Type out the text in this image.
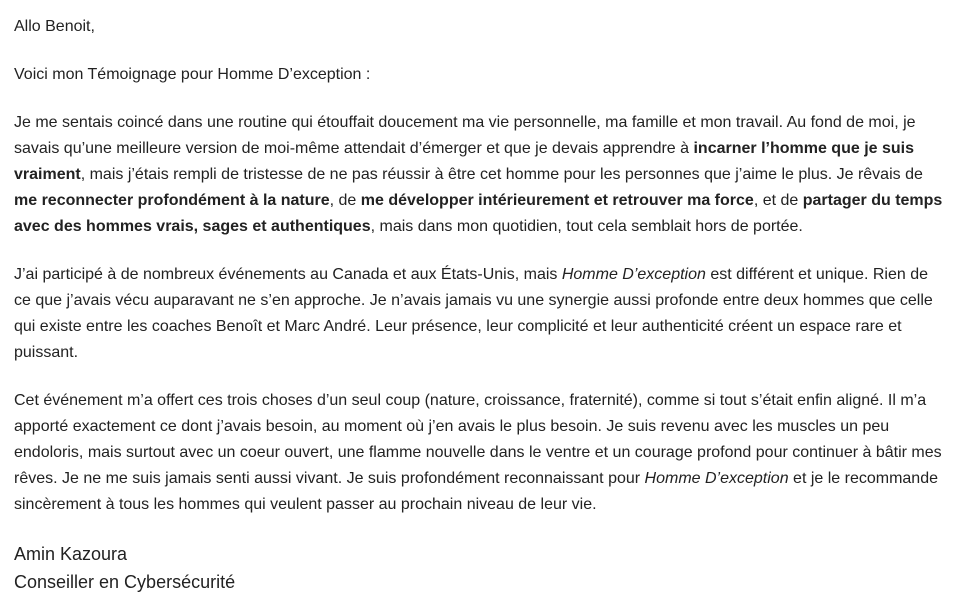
Allo Benoit,

Voici mon Témoignage pour Homme D’exception :

Je me sentais coincé dans une routine qui étouffait doucement ma vie personnelle, ma famille et mon travail. Au fond de moi, je savais qu’une meilleure version de moi-même attendait d’émerger et que je devais apprendre à incarner l’homme que je suis vraiment, mais j’étais rempli de tristesse de ne pas réussir à être cet homme pour les personnes que j’aime le plus. Je rêvais de me reconnecter profondément à la nature, de me développer intérieurement et retrouver ma force, et de partager du temps avec des hommes vrais, sages et authentiques, mais dans mon quotidien, tout cela semblait hors de portée.

J’ai participé à de nombreux événements au Canada et aux États-Unis, mais Homme D’exception est différent et unique. Rien de ce que j’avais vécu auparavant ne s’en approche. Je n’avais jamais vu une synergie aussi profonde entre deux hommes que celle qui existe entre les coaches Benoît et Marc André. Leur présence, leur complicité et leur authenticité créent un espace rare et puissant.

Cet événement m’a offert ces trois choses d’un seul coup (nature, croissance, fraternité), comme si tout s’était enfin aligné. Il m’a apporté exactement ce dont j’avais besoin, au moment où j’en avais le plus besoin. Je suis revenu avec les muscles un peu endoloris, mais surtout avec un coeur ouvert, une flamme nouvelle dans le ventre et un courage profond pour continuer à bâtir mes rêves. Je ne me suis jamais senti aussi vivant. Je suis profondément reconnaissant pour Homme D’exception et je le recommande sincèrement à tous les hommes qui veulent passer au prochain niveau de leur vie.

Amin Kazoura
Conseiller en Cybersécurité
